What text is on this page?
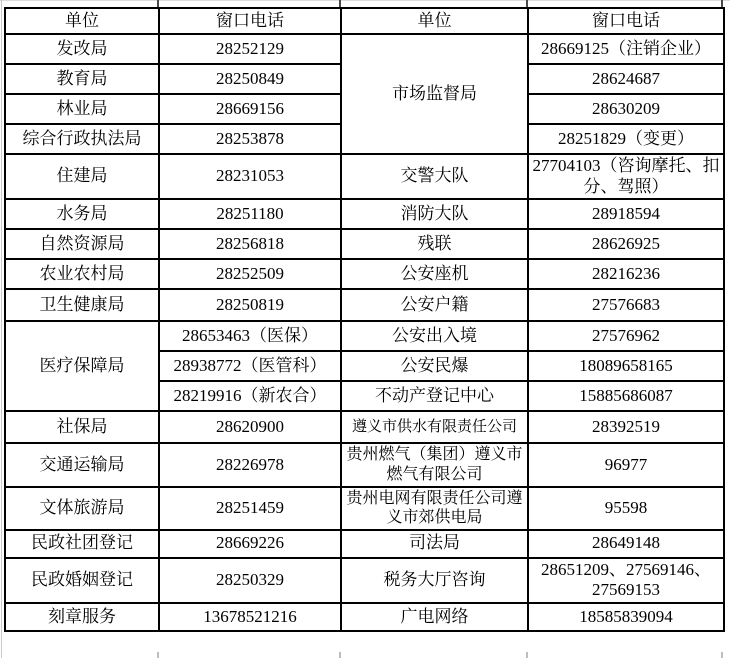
单位	窗口电话	单位	窗口电话
发改局	28252129	市场监督局	28669125（注销企业）
教育局	28250849		28624687
林业局	28669156		28630209
综合行政执法局	28253878		28251829（变更）
住建局	28231053	交警大队	27704103（咨询摩托、扣分、驾照）
水务局	28251180	消防大队	28918594
自然资源局	28256818	残联	28626925
农业农村局	28252509	公安座机	28216236
卫生健康局	28250819	公安户籍	27576683
医疗保障局	28653463（医保）	公安出入境	27576962
	28938772（医管科）	公安民爆	18089658165
	28219916（新农合）	不动产登记中心	15885686087
社保局	28620900	遵义市供水有限责任公司	28392519
交通运输局	28226978	贵州燃气（集团）遵义市燃气有限公司	96977
文体旅游局	28251459	贵州电网有限责任公司遵义市郊供电局	95598
民政社团登记	28669226	司法局	28649148
民政婚姻登记	28250329	税务大厅咨询	28651209、27569146、27569153
刻章服务	13678521216	广电网络	18585839094
